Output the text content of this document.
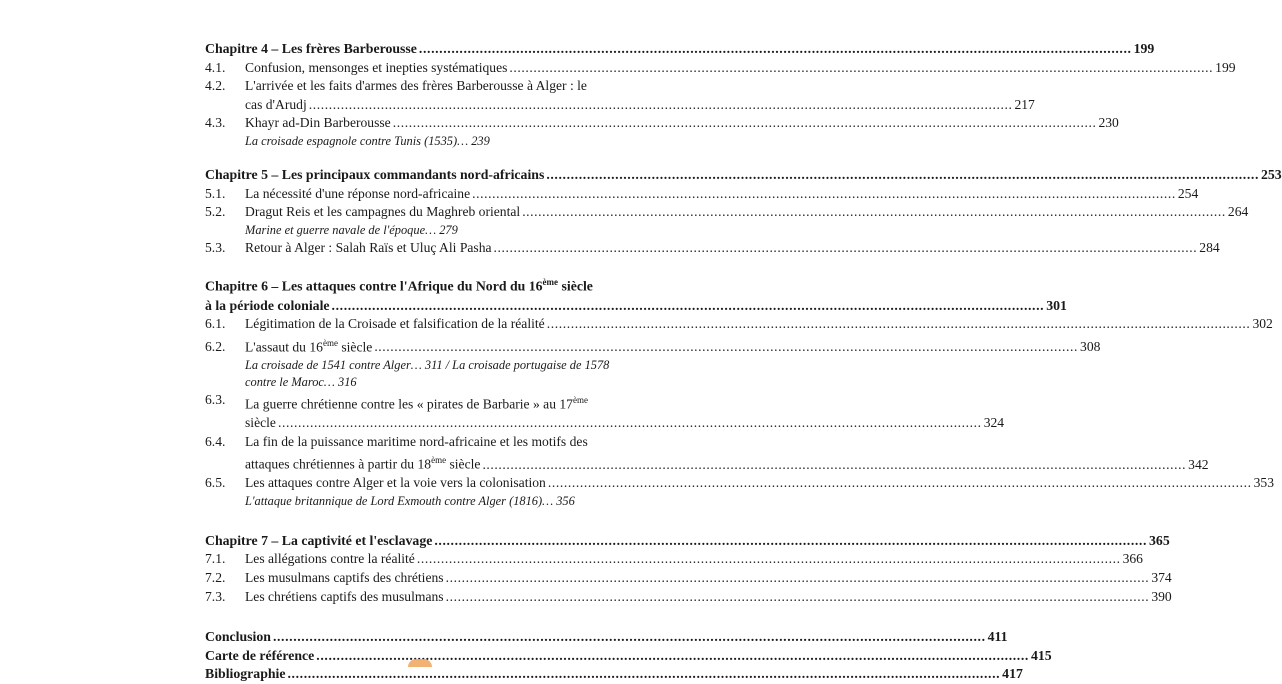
Chapitre 4 – Les frères Barberousse .....	199
4.1.	Confusion, mensonges et inepties systématiques .....	199
4.2.	L'arrivée et les faits d'armes des frères Barberousse à Alger : le
cas d'Arudj .....	217
4.3.	Khayr ad-Din Barberousse .....	230
La croisade espagnole contre Tunis (1535)… 239
Chapitre 5 – Les principaux commandants nord-africains .....	253
5.1.	La nécessité d'une réponse nord-africaine .....	254
5.2.	Dragut Reis et les campagnes du Maghreb oriental .....	264
Marine et guerre navale de l'époque… 279
5.3.	Retour à Alger : Salah Raïs et Uluç Ali Pasha .....	284
Chapitre 6 – Les attaques contre l'Afrique du Nord du 16ème siècle
à la période coloniale .....	301
6.1.	Légitimation de la Croisade et falsification de la réalité .....	302
6.2.	L'assaut du 16ème siècle .....	308
La croisade de 1541 contre Alger… 311 / La croisade portugaise de 1578
contre le Maroc… 316
6.3.	La guerre chrétienne contre les « pirates de Barbarie » au 17ème
siècle .....	324
6.4.	La fin de la puissance maritime nord-africaine et les motifs des
attaques chrétiennes à partir du 18ème siècle .....	342
6.5.	Les attaques contre Alger et la voie vers la colonisation .....	353
L'attaque britannique de Lord Exmouth contre Alger (1816)… 356
Chapitre 7 – La captivité et l'esclavage .....	365
7.1.	Les allégations contre la réalité .....	366
7.2.	Les musulmans captifs des chrétiens .....	374
7.3.	Les chrétiens captifs des musulmans .....	390
Conclusion .....	411
Carte de référence .....	415
Bibliographie .....	417
